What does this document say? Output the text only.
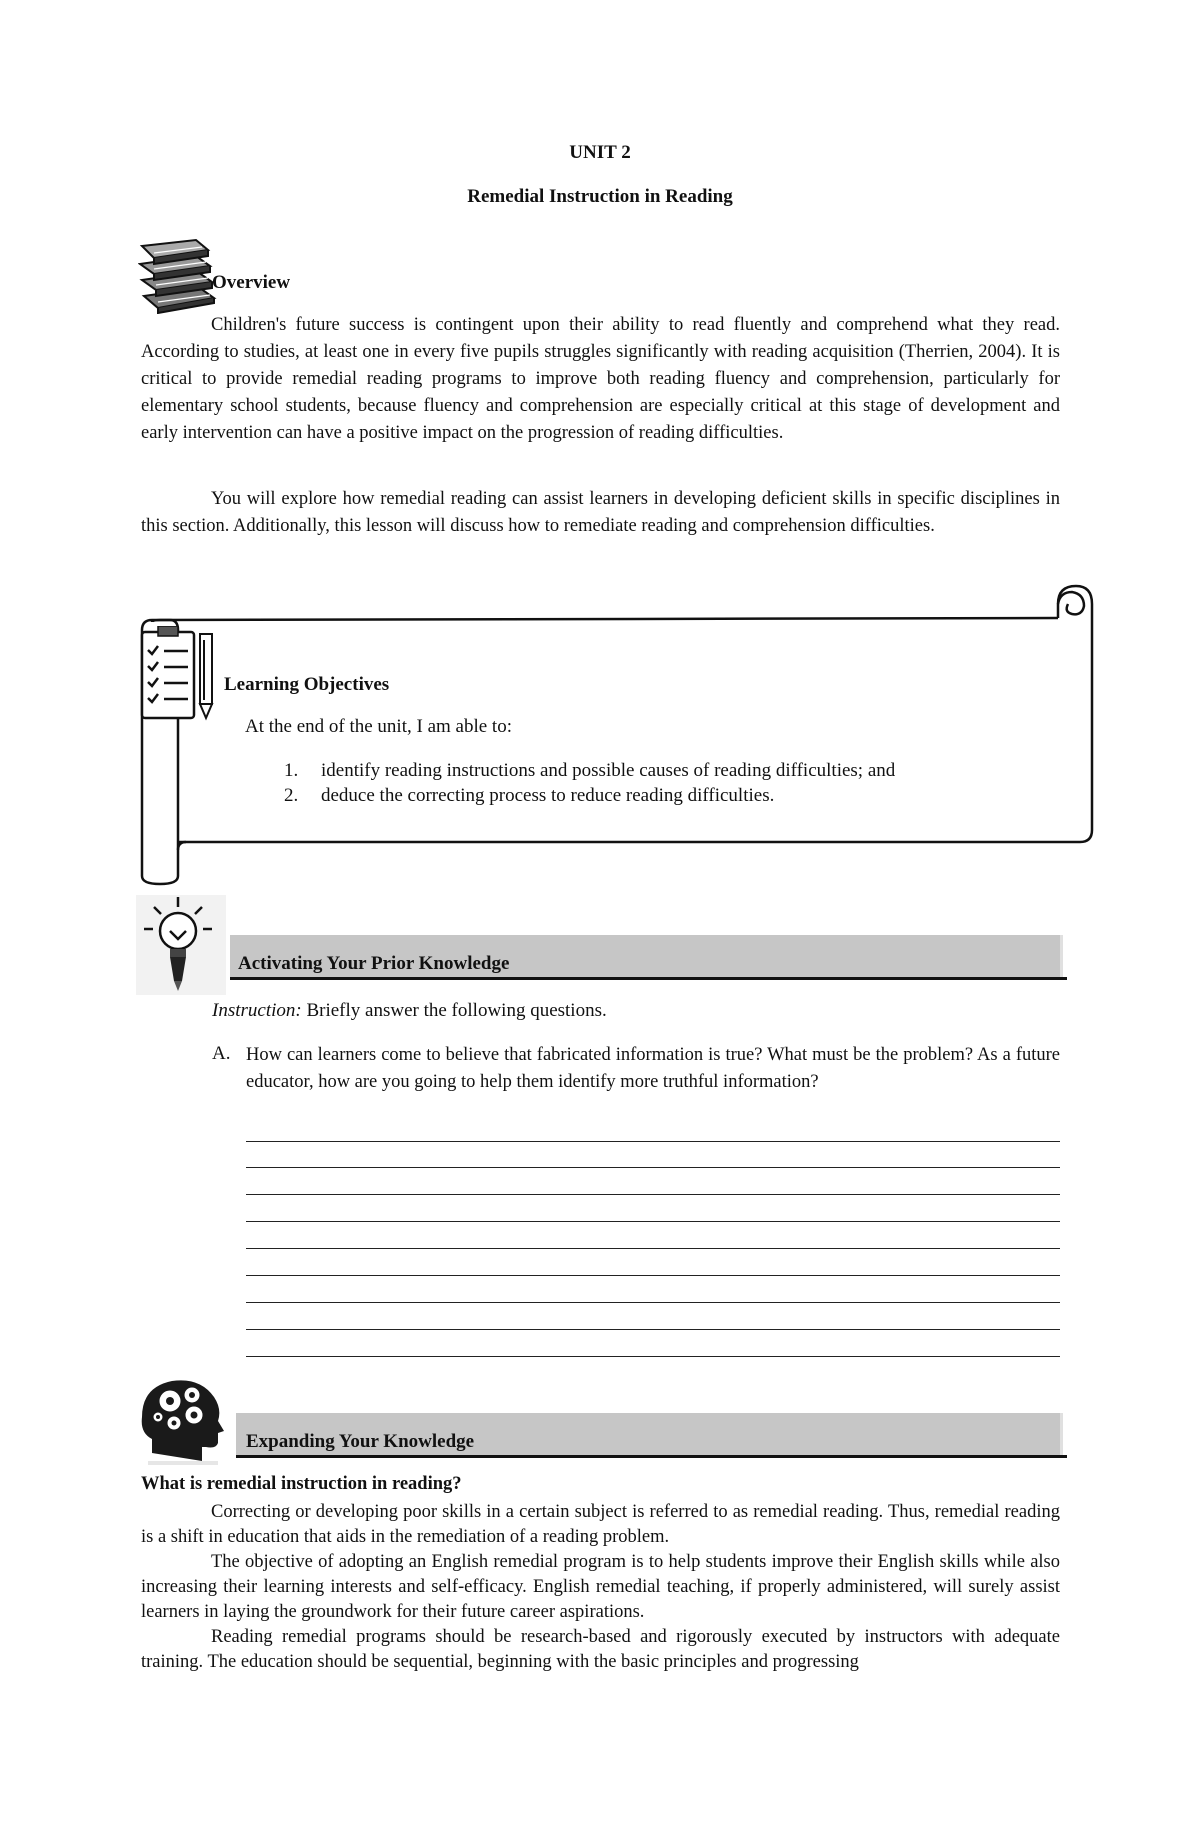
UNIT 2
Remedial Instruction in Reading
Overview
Children's future success is contingent upon their ability to read fluently and comprehend what they read. According to studies, at least one in every five pupils struggles significantly with reading acquisition (Therrien, 2004). It is critical to provide remedial reading programs to improve both reading fluency and comprehension, particularly for elementary school students, because fluency and comprehension are especially critical at this stage of development and early intervention can have a positive impact on the progression of reading difficulties.
You will explore how remedial reading can assist learners in developing deficient skills in specific disciplines in this section. Additionally, this lesson will discuss how to remediate reading and comprehension difficulties.
Learning Objectives
At the end of the unit, I am able to:
1. identify reading instructions and possible causes of reading difficulties; and
2. deduce the correcting process to reduce reading difficulties.
Activating Your Prior Knowledge
Instruction: Briefly answer the following questions.
A. How can learners come to believe that fabricated information is true? What must be the problem? As a future educator, how are you going to help them identify more truthful information?
Expanding Your Knowledge
What is remedial instruction in reading?
Correcting or developing poor skills in a certain subject is referred to as remedial reading. Thus, remedial reading is a shift in education that aids in the remediation of a reading problem.
The objective of adopting an English remedial program is to help students improve their English skills while also increasing their learning interests and self-efficacy. English remedial teaching, if properly administered, will surely assist learners in laying the groundwork for their future career aspirations.
Reading remedial programs should be research-based and rigorously executed by instructors with adequate training. The education should be sequential, beginning with the basic principles and progressing
